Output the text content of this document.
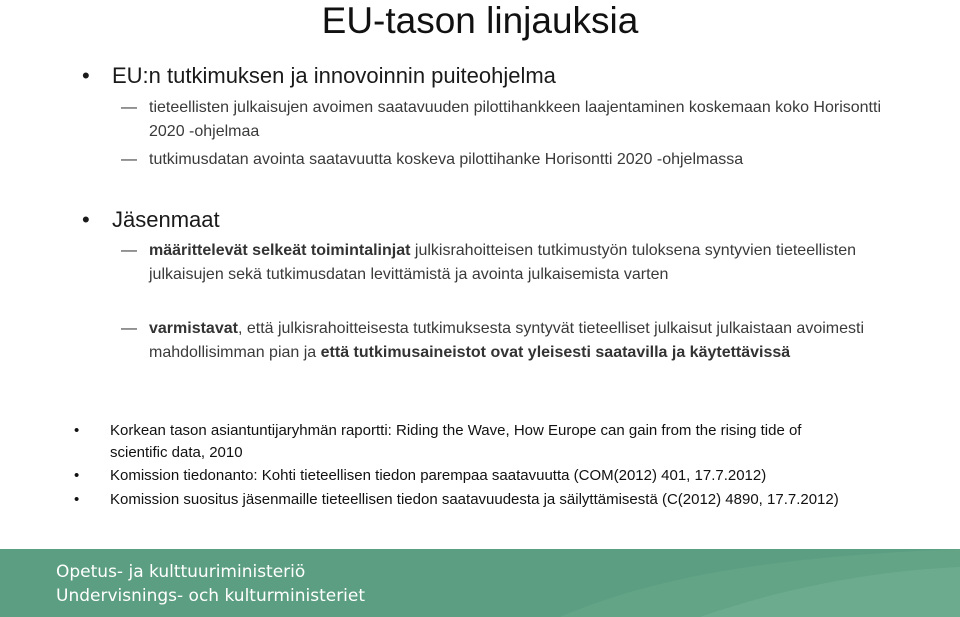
EU-tason linjauksia
• EU:n tutkimuksen ja innovoinnin puiteohjelma
— tieteellisten julkaisujen avoimen saatavuuden pilottihankkeen laajentaminen koskemaan koko Horisontti 2020 -ohjelmaa
— tutkimusdatan avointa saatavuutta koskeva pilottihanke Horisontti 2020 -ohjelmassa
• Jäsenmaat
— määrittelevät selkeät toimintalinjat julkisrahoitteisen tutkimustyön tuloksena syntyvien tieteellisten julkaisujen sekä tutkimusdatan levittämistä ja avointa julkaisemista varten
— varmistavat, että julkisrahoitteisesta tutkimuksesta syntyvät tieteelliset julkaisut julkaistaan avoimesti mahdollisimman pian ja että tutkimusaineistot ovat yleisesti saatavilla ja käytettävissä
• Korkean tason asiantuntijaryhmän raportti: Riding the Wave, How Europe can gain from the rising tide of scientific data, 2010
• Komission tiedonanto: Kohti tieteellisen tiedon parempaa saatavuutta (COM(2012) 401, 17.7.2012)
• Komission suositus jäsenmaille tieteellisen tiedon saatavuudesta ja säilyttämisestä (C(2012) 4890, 17.7.2012)
Opetus- ja kulttuuriministeriö
Undervisnings- och kulturministeriet
